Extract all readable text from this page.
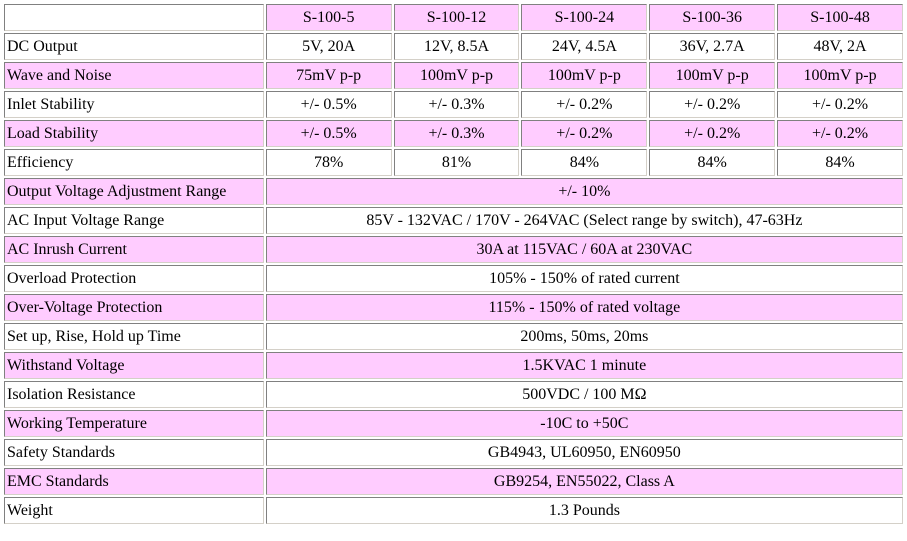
	S-100-5	S-100-12	S-100-24	S-100-36	S-100-48
DC Output	5V, 20A	12V, 8.5A	24V, 4.5A	36V, 2.7A	48V, 2A
Wave and Noise	75mV p-p	100mV p-p	100mV p-p	100mV p-p	100mV p-p
Inlet Stability	+/- 0.5%	+/- 0.3%	+/- 0.2%	+/- 0.2%	+/- 0.2%
Load Stability	+/- 0.5%	+/- 0.3%	+/- 0.2%	+/- 0.2%	+/- 0.2%
Efficiency	78%	81%	84%	84%	84%
Output Voltage Adjustment Range	+/- 10%				
AC Input Voltage Range	85V - 132VAC / 170V - 264VAC (Select range by switch), 47-63Hz				
AC Inrush Current	30A at 115VAC / 60A at 230VAC				
Overload Protection	105% - 150% of rated current				
Over-Voltage Protection	115% - 150% of rated voltage				
Set up, Rise, Hold up Time	200ms, 50ms, 20ms				
Withstand Voltage	1.5KVAC 1 minute				
Isolation Resistance	500VDC / 100 MΩ				
Working Temperature	-10C to +50C				
Safety Standards	GB4943, UL60950, EN60950				
EMC Standards	GB9254, EN55022, Class A				
Weight	1.3 Pounds				
